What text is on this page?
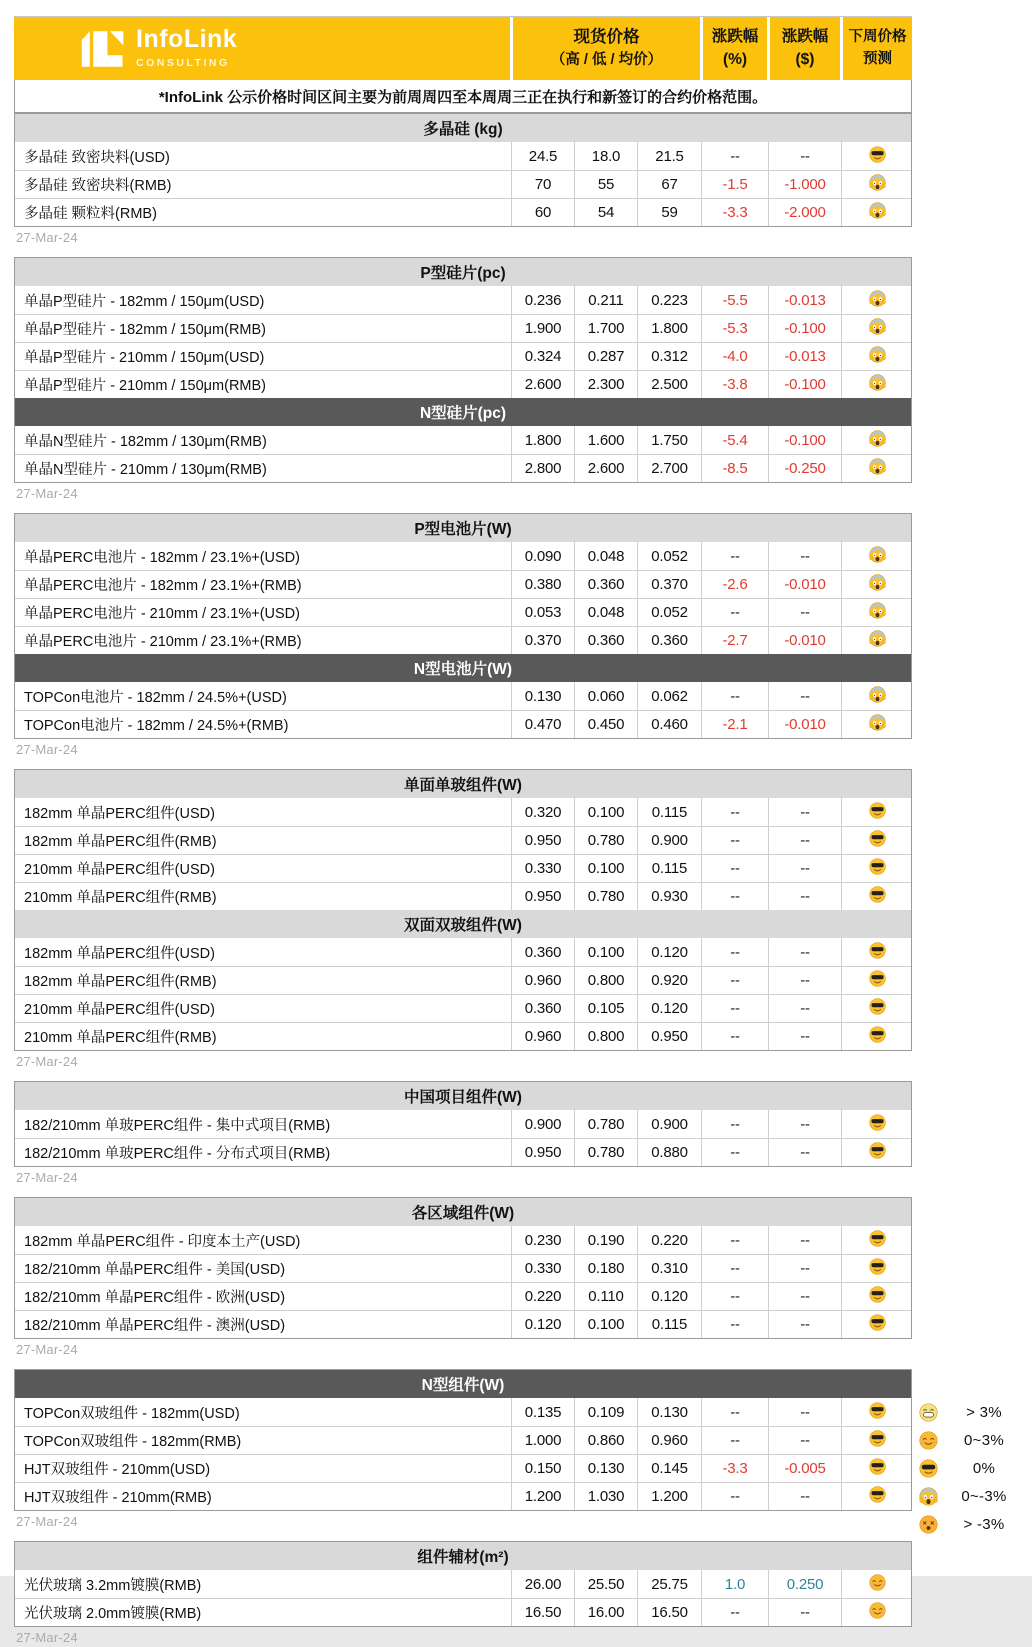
InfoLink
CONSULTING
现货价格
（高 / 低 / 均价）
涨跌幅
(%)
涨跌幅
($)
下周价格
预测
*InfoLink 公示价格时间区间主要为前周周四至本周周三正在执行和新签订的合约价格范围。
多晶硅 (kg)
多晶硅 致密块料(USD)	24.5	18.0	21.5	--	--
多晶硅 致密块料(RMB)	70	55	67	-1.5	-1.000
多晶硅 颗粒料(RMB)	60	54	59	-3.3	-2.000
27-Mar-24
P型硅片(pc)
单晶P型硅片 - 182mm / 150μm(USD)	0.236	0.211	0.223	-5.5	-0.013
单晶P型硅片 - 182mm / 150μm(RMB)	1.900	1.700	1.800	-5.3	-0.100
单晶P型硅片 - 210mm / 150μm(USD)	0.324	0.287	0.312	-4.0	-0.013
单晶P型硅片 - 210mm / 150μm(RMB)	2.600	2.300	2.500	-3.8	-0.100
N型硅片(pc)
单晶N型硅片 - 182mm / 130μm(RMB)	1.800	1.600	1.750	-5.4	-0.100
单晶N型硅片 - 210mm / 130μm(RMB)	2.800	2.600	2.700	-8.5	-0.250
27-Mar-24
P型电池片(W)
单晶PERC电池片 - 182mm / 23.1%+(USD)	0.090	0.048	0.052	--	--
单晶PERC电池片 - 182mm / 23.1%+(RMB)	0.380	0.360	0.370	-2.6	-0.010
单晶PERC电池片 - 210mm / 23.1%+(USD)	0.053	0.048	0.052	--	--
单晶PERC电池片 - 210mm / 23.1%+(RMB)	0.370	0.360	0.360	-2.7	-0.010
N型电池片(W)
TOPCon电池片 - 182mm / 24.5%+(USD)	0.130	0.060	0.062	--	--
TOPCon电池片 - 182mm / 24.5%+(RMB)	0.470	0.450	0.460	-2.1	-0.010
27-Mar-24
单面单玻组件(W)
182mm 单晶PERC组件(USD)	0.320	0.100	0.115	--	--
182mm 单晶PERC组件(RMB)	0.950	0.780	0.900	--	--
210mm 单晶PERC组件(USD)	0.330	0.100	0.115	--	--
210mm 单晶PERC组件(RMB)	0.950	0.780	0.930	--	--
双面双玻组件(W)
182mm 单晶PERC组件(USD)	0.360	0.100	0.120	--	--
182mm 单晶PERC组件(RMB)	0.960	0.800	0.920	--	--
210mm 单晶PERC组件(USD)	0.360	0.105	0.120	--	--
210mm 单晶PERC组件(RMB)	0.960	0.800	0.950	--	--
27-Mar-24
中国项目组件(W)
182/210mm 单玻PERC组件 - 集中式项目(RMB)	0.900	0.780	0.900	--	--
182/210mm 单玻PERC组件 - 分布式项目(RMB)	0.950	0.780	0.880	--	--
27-Mar-24
各区域组件(W)
182mm 单晶PERC组件 - 印度本土产(USD)	0.230	0.190	0.220	--	--
182/210mm 单晶PERC组件 - 美国(USD)	0.330	0.180	0.310	--	--
182/210mm 单晶PERC组件 - 欧洲(USD)	0.220	0.110	0.120	--	--
182/210mm 单晶PERC组件 - 澳洲(USD)	0.120	0.100	0.115	--	--
27-Mar-24
N型组件(W)
TOPCon双玻组件 - 182mm(USD)	0.135	0.109	0.130	--	--
TOPCon双玻组件 - 182mm(RMB)	1.000	0.860	0.960	--	--
HJT双玻组件 - 210mm(USD)	0.150	0.130	0.145	-3.3	-0.005
HJT双玻组件 - 210mm(RMB)	1.200	1.030	1.200	--	--
27-Mar-24
组件辅材(m²)
光伏玻璃 3.2mm镀膜(RMB)	26.00	25.50	25.75	1.0	0.250
光伏玻璃 2.0mm镀膜(RMB)	16.50	16.00	16.50	--	--
27-Mar-24
> 3%
0~3%
0%
0~-3%
> -3%
